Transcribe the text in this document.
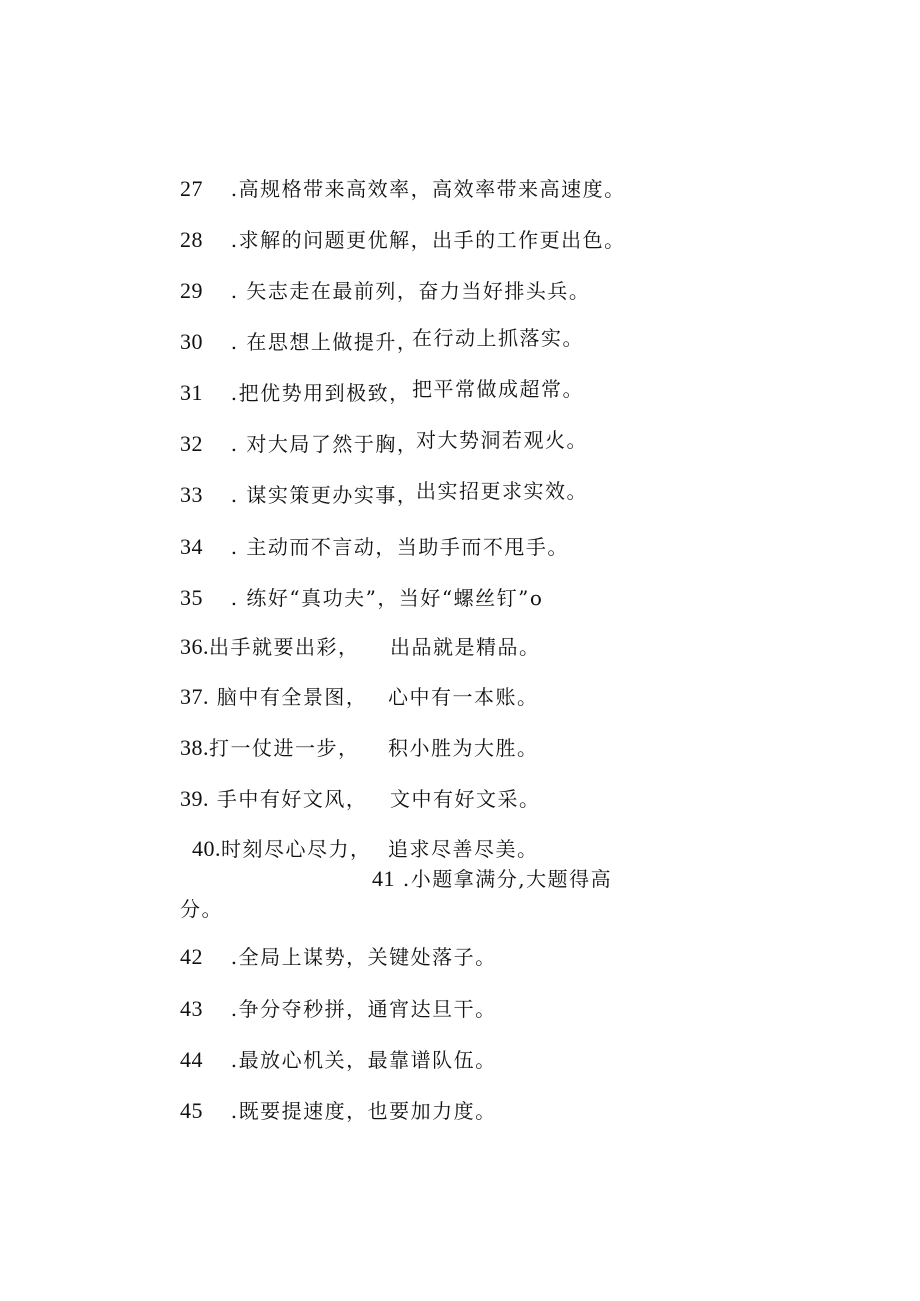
27 .高规格带来高效率，高效率带来高速度。
28 .求解的问题更优解，出手的工作更出色。
29 . 矢志走在最前列，奋力当好排头兵。
30 . 在思想上做提升，
在行动上抓落实。
31 .把优势用到极致， 把平常做成超常。
32 . 对大局了然于胸，
对大势洞若观火。
33 . 谋实策更办实事，
出实招更求实效。
34 . 主动而不言动，当助手而不甩手。
35 . 练好“真功夫”，当好“螺丝钉”o
36.出手就要出彩， 出品就是精品。
37. 脑中有全景图， 心中有一本账。
38.打一仗进一步， 积小胜为大胜。
39. 手中有好文风， 文中有好文采。
40.时刻尽心尽力， 追求尽善尽美。
41 .小题拿满分,大题得高
分。
42 .全局上谋势，关键处落子。
43 .争分夺秒拼，通宵达旦干。
44 .最放心机关，最靠谱队伍。
45 .既要提速度，也要加力度。
